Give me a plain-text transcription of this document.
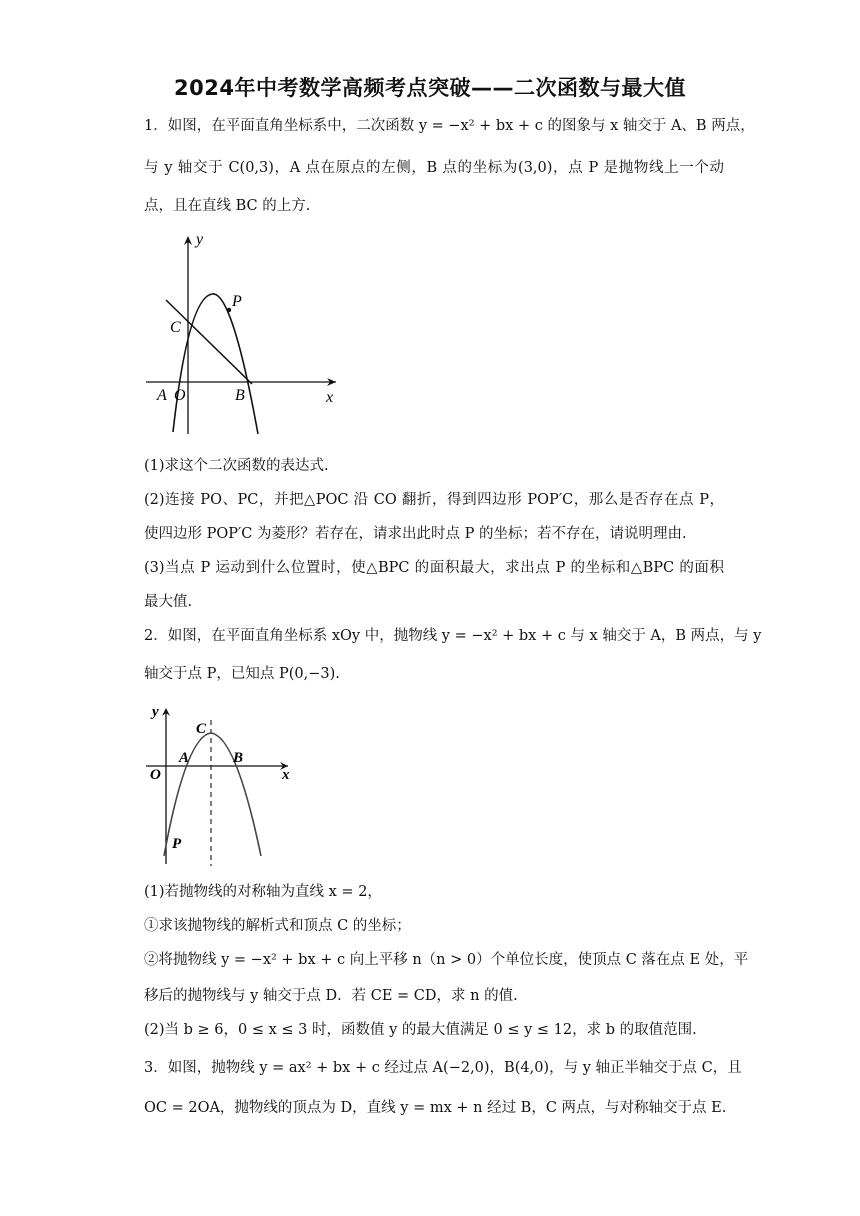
2024年中考数学高频考点突破——二次函数与最大值
1．如图，在平面直角坐标系中，二次函数 y = −x² + bx + c 的图象与 x 轴交于 A、B 两点，
与 y 轴交于 C(0,3)，A 点在原点的左侧，B 点的坐标为(3,0)，点 P 是抛物线上一个动
点，且在直线 BC 的上方.
y
x
A O	B
C
P
(1)求这个二次函数的表达式.
(2)连接 PO、PC，并把△POC 沿 CO 翻折，得到四边形 POP′C，那么是否存在点 P，
使四边形 POP′C 为菱形？若存在，请求出此时点 P 的坐标；若不存在，请说明理由.
(3)当点 P 运动到什么位置时，使△BPC 的面积最大，求出点 P 的坐标和△BPC 的面积
最大值.
2．如图，在平面直角坐标系 xOy 中，抛物线 y = −x² + bx + c 与 x 轴交于 A，B 两点，与 y
轴交于点 P，已知点 P(0,−3).
y
x
O
A	B
C
P
(1)若抛物线的对称轴为直线 x = 2，
①求该抛物线的解析式和顶点 C 的坐标；
②将抛物线 y = −x² + bx + c 向上平移 n（n > 0）个单位长度，使顶点 C 落在点 E 处，平
移后的抛物线与 y 轴交于点 D．若 CE = CD，求 n 的值.
(2)当 b ≥ 6，0 ≤ x ≤ 3 时，函数值 y 的最大值满足 0 ≤ y ≤ 12，求 b 的取值范围.
3．如图，抛物线 y = ax² + bx + c 经过点 A(−2,0)，B(4,0)，与 y 轴正半轴交于点 C，且
OC = 2OA，抛物线的顶点为 D，直线 y = mx + n 经过 B，C 两点，与对称轴交于点 E.
